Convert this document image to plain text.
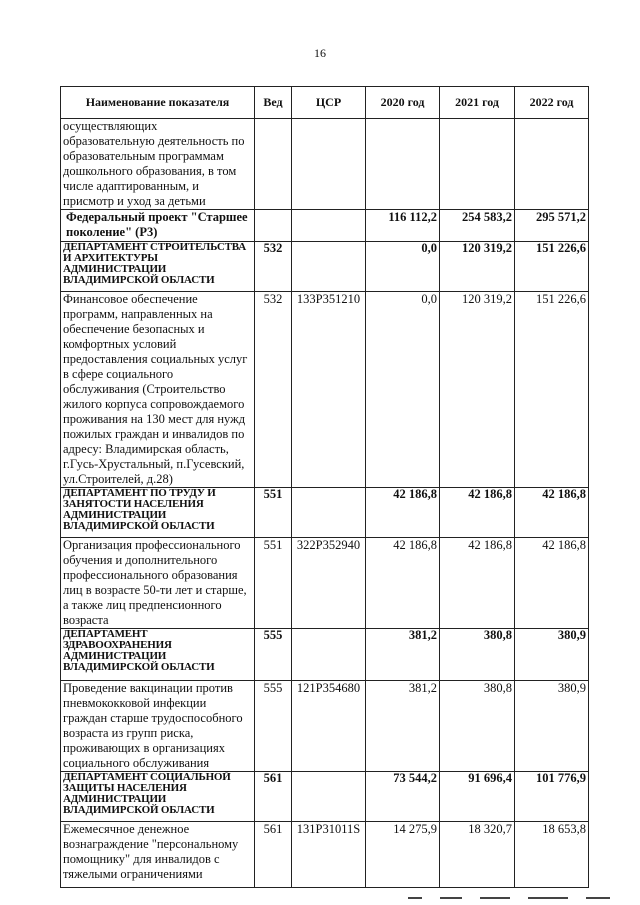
16
Наименование показателя	Вед	ЦСР	2020 год	2021 год	2022 год
осуществляющих образовательную деятельность по образовательным программам дошкольного образования, в том числе адаптированным, и присмотр и уход за детьми					
Федеральный проект "Старшее поколение" (P3)			116 112,2	254 583,2	295 571,2
ДЕПАРТАМЕНТ СТРОИТЕЛЬСТВА И АРХИТЕКТУРЫ АДМИНИСТРАЦИИ ВЛАДИМИРСКОЙ ОБЛАСТИ	532		0,0	120 319,2	151 226,6
Финансовое обеспечение программ, направленных на обеспечение безопасных и комфортных условий предоставления социальных услуг в сфере социального обслуживания (Строительство жилого корпуса сопровождаемого проживания на 130 мест для нужд пожилых граждан и инвалидов по адресу: Владимирская область, г.Гусь-Хрустальный, п.Гусевский, ул.Строителей, д.28)	532	133P351210	0,0	120 319,2	151 226,6
ДЕПАРТАМЕНТ ПО ТРУДУ И ЗАНЯТОСТИ НАСЕЛЕНИЯ АДМИНИСТРАЦИИ ВЛАДИМИРСКОЙ ОБЛАСТИ	551		42 186,8	42 186,8	42 186,8
Организация профессионального обучения и дополнительного профессионального образования лиц в возрасте 50-ти лет и старше, а также лиц предпенсионного возраста	551	322P352940	42 186,8	42 186,8	42 186,8
ДЕПАРТАМЕНТ ЗДРАВООХРАНЕНИЯ АДМИНИСТРАЦИИ ВЛАДИМИРСКОЙ ОБЛАСТИ	555		381,2	380,8	380,9
Проведение вакцинации против пневмококковой инфекции граждан старше трудоспособного возраста из групп риска, проживающих в организациях социального обслуживания	555	121P354680	381,2	380,8	380,9
ДЕПАРТАМЕНТ СОЦИАЛЬНОЙ ЗАЩИТЫ НАСЕЛЕНИЯ АДМИНИСТРАЦИИ ВЛАДИМИРСКОЙ ОБЛАСТИ	561		73 544,2	91 696,4	101 776,9
Ежемесячное денежное вознаграждение "персональному помощнику" для инвалидов с тяжелыми ограничениями	561	131P31011S	14 275,9	18 320,7	18 653,8
